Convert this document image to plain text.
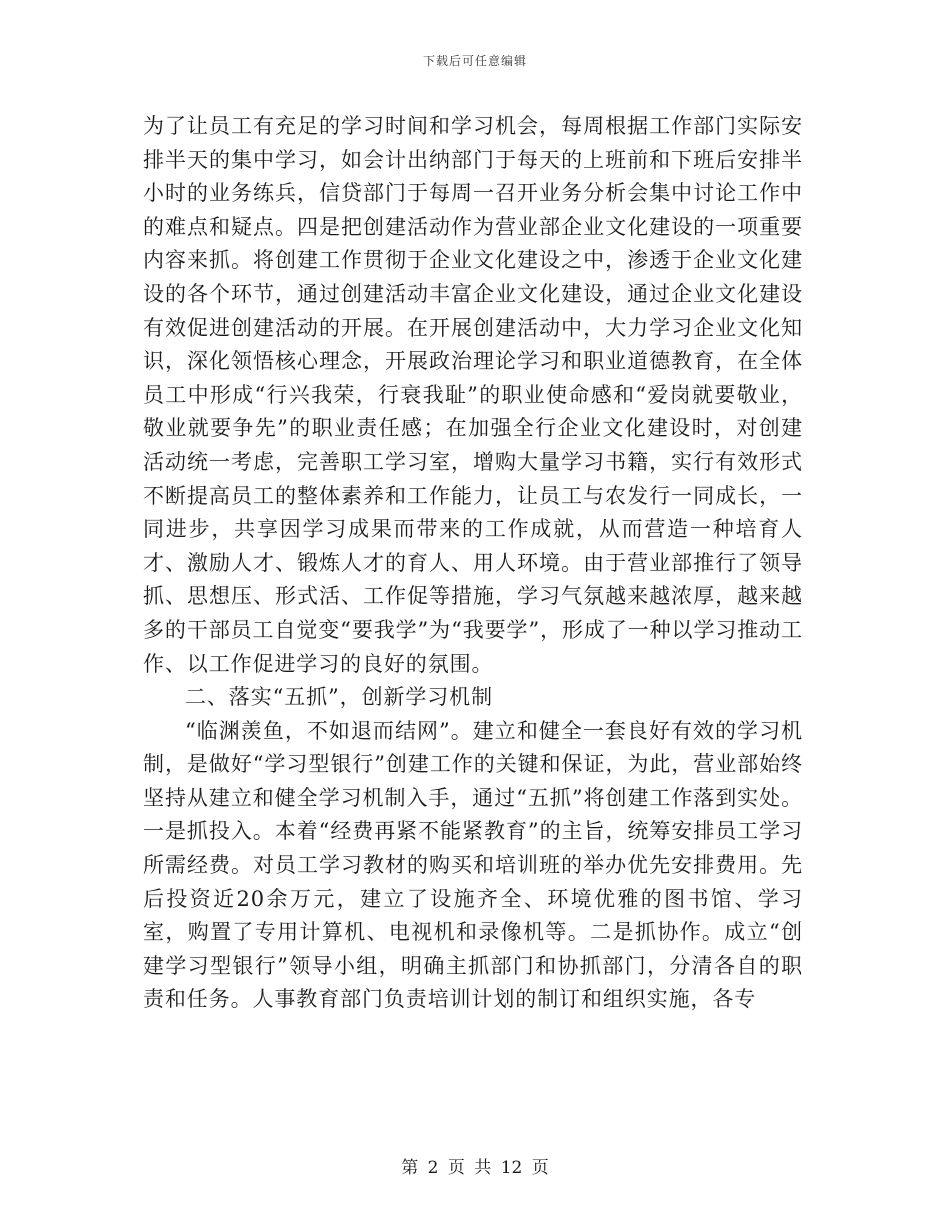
下载后可任意编辑

为了让员工有充足的学习时间和学习机会，每周根据工作部门实际安排半天的集中学习，如会计出纳部门于每天的上班前和下班后安排半小时的业务练兵，信贷部门于每周一召开业务分析会集中讨论工作中的难点和疑点。四是把创建活动作为营业部企业文化建设的一项重要内容来抓。将创建工作贯彻于企业文化建设之中，渗透于企业文化建设的各个环节，通过创建活动丰富企业文化建设，通过企业文化建设有效促进创建活动的开展。在开展创建活动中，大力学习企业文化知识，深化领悟核心理念，开展政治理论学习和职业道德教育，在全体员工中形成“行兴我荣，行衰我耻”的职业使命感和“爱岗就要敬业，敬业就要争先”的职业责任感；在加强全行企业文化建设时，对创建活动统一考虑，完善职工学习室，增购大量学习书籍，实行有效形式不断提高员工的整体素养和工作能力，让员工与农发行一同成长，一同进步，共享因学习成果而带来的工作成就，从而营造一种培育人才、激励人才、锻炼人才的育人、用人环境。由于营业部推行了领导抓、思想压、形式活、工作促等措施，学习气氛越来越浓厚，越来越多的干部员工自觉变“要我学”为“我要学”，形成了一种以学习推动工作、以工作促进学习的良好的氛围。

二、落实“五抓”，创新学习机制

“临渊羡鱼，不如退而结网”。建立和健全一套良好有效的学习机制，是做好“学习型银行”创建工作的关键和保证，为此，营业部始终坚持从建立和健全学习机制入手，通过“五抓”将创建工作落到实处。一是抓投入。本着“经费再紧不能紧教育”的主旨，统筹安排员工学习所需经费。对员工学习教材的购买和培训班的举办优先安排费用。先后投资近20余万元，建立了设施齐全、环境优雅的图书馆、学习室，购置了专用计算机、电视机和录像机等。二是抓协作。成立“创建学习型银行”领导小组，明确主抓部门和协抓部门，分清各自的职责和任务。人事教育部门负责培训计划的制订和组织实施，各专

第 2 页 共 12 页
